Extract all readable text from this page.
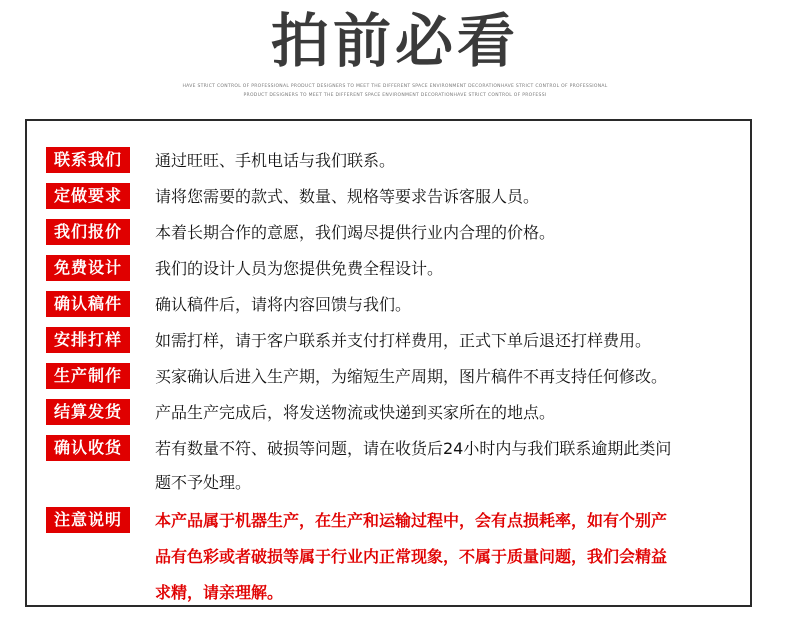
拍前必看
HAVE STRICT CONTROL OF PROFESSIONAL PRODUCT DESIGNERS TO MEET THE DIFFERENT SPACE ENVIRONMENT DECORATIONHAVE STRICT CONTROL OF PROFESSIONAL
PRODUCT DESIGNERS TO MEET THE DIFFERENT SPACE ENVIRONMENT DECORATIONHAVE STRICT CONTROL OF PROFESSI
联系我们	通过旺旺、手机电话与我们联系。
定做要求	请将您需要的款式、数量、规格等要求告诉客服人员。
我们报价	本着长期合作的意愿，我们竭尽提供行业内合理的价格。
免费设计	我们的设计人员为您提供免费全程设计。
确认稿件	确认稿件后，请将内容回馈与我们。
安排打样	如需打样，请于客户联系并支付打样费用，正式下单后退还打样费用。
生产制作	买家确认后进入生产期，为缩短生产周期，图片稿件不再支持任何修改。
结算发货	产品生产完成后，将发送物流或快递到买家所在的地点。
确认收货	若有数量不符、破损等问题，请在收货后24小时内与我们联系逾期此类问
题不予处理。
注意说明	本产品属于机器生产，在生产和运输过程中，会有点损耗率，如有个别产
品有色彩或者破损等属于行业内正常现象，不属于质量问题，我们会精益
求精，请亲理解。
